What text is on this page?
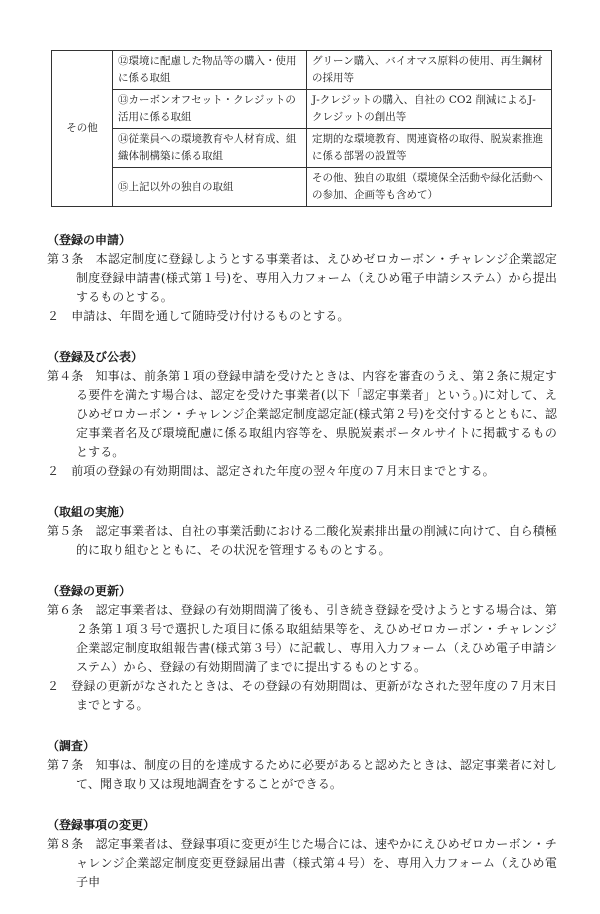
その他	⑫環境に配慮した物品等の購入・使用に係る取組	グリーン購入、バイオマス原料の使用、再生鋼材の採用等
	⑬カーボンオフセット・クレジットの活用に係る取組	J-クレジットの購入、自社の CO2 削減によるJ-クレジットの創出等
	⑭従業員への環境教育や人材育成、組織体制構築に係る取組	定期的な環境教育、関連資格の取得、脱炭素推進に係る部署の設置等
	⑮上記以外の独自の取組	その他、独自の取組（環境保全活動や緑化活動への参加、企画等も含めて）
（登録の申請）

第３条　本認定制度に登録しようとする事業者は、えひめゼロカーボン・チャレンジ企業認定制度登録申請書(様式第１号)を、専用入力フォーム（えひめ電子申請システム）から提出するものとする。

２　申請は、年間を通して随時受け付けるものとする。

（登録及び公表）

第４条　知事は、前条第１項の登録申請を受けたときは、内容を審査のうえ、第２条に規定する要件を満たす場合は、認定を受けた事業者(以下「認定事業者」という。)に対して、えひめゼロカーボン・チャレンジ企業認定制度認定証(様式第２号)を交付するとともに、認定事業者名及び環境配慮に係る取組内容等を、県脱炭素ポータルサイトに掲載するものとする。

２　前項の登録の有効期間は、認定された年度の翌々年度の７月末日までとする。

（取組の実施）

第５条　認定事業者は、自社の事業活動における二酸化炭素排出量の削減に向けて、自ら積極的に取り組むとともに、その状況を管理するものとする。

（登録の更新）

第６条　認定事業者は、登録の有効期間満了後も、引き続き登録を受けようとする場合は、第２条第１項３号で選択した項目に係る取組結果等を、えひめゼロカーボン・チャレンジ企業認定制度取組報告書(様式第３号）に記載し、専用入力フォーム（えひめ電子申請システム）から、登録の有効期間満了までに提出するものとする。

２　登録の更新がなされたときは、その登録の有効期間は、更新がなされた翌年度の７月末日までとする。

（調査）

第７条　知事は、制度の目的を達成するために必要があると認めたときは、認定事業者に対して、聞き取り又は現地調査をすることができる。

（登録事項の変更）

第８条　認定事業者は、登録事項に変更が生じた場合には、速やかにえひめゼロカーボン・チャレンジ企業認定制度変更登録届出書（様式第４号）を、専用入力フォーム（えひめ電子申
